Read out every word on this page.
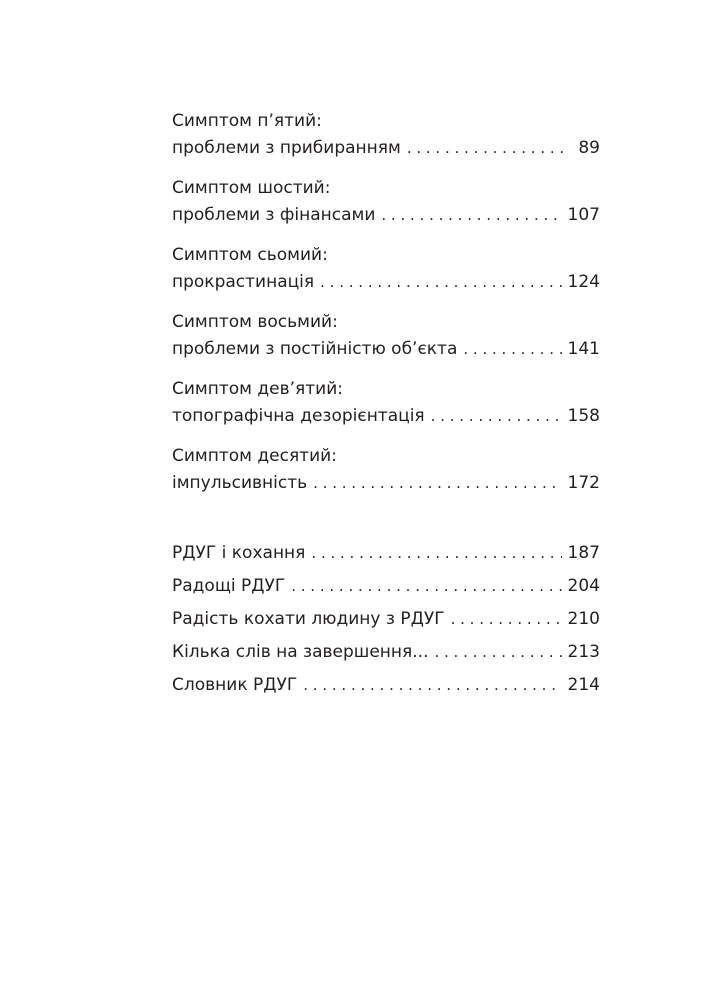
Симптом п’ятий:
проблеми з прибиранням . . .	89
Симптом шостий:
проблеми з фінансами . . .	107
Симптом сьомий:
прокрастинація . . .	124
Симптом восьмий:
проблеми з постійністю об’єкта . . .	141
Симптом дев’ятий:
топографічна дезорієнтація . . .	158
Симптом десятий:
імпульсивність . . .	172
РДУГ і кохання . . .	187
Радощі РДУГ . . .	204
Радість кохати людину з РДУГ . . .	210
Кілька слів на завершення... . . .	213
Словник РДУГ . . .	214
